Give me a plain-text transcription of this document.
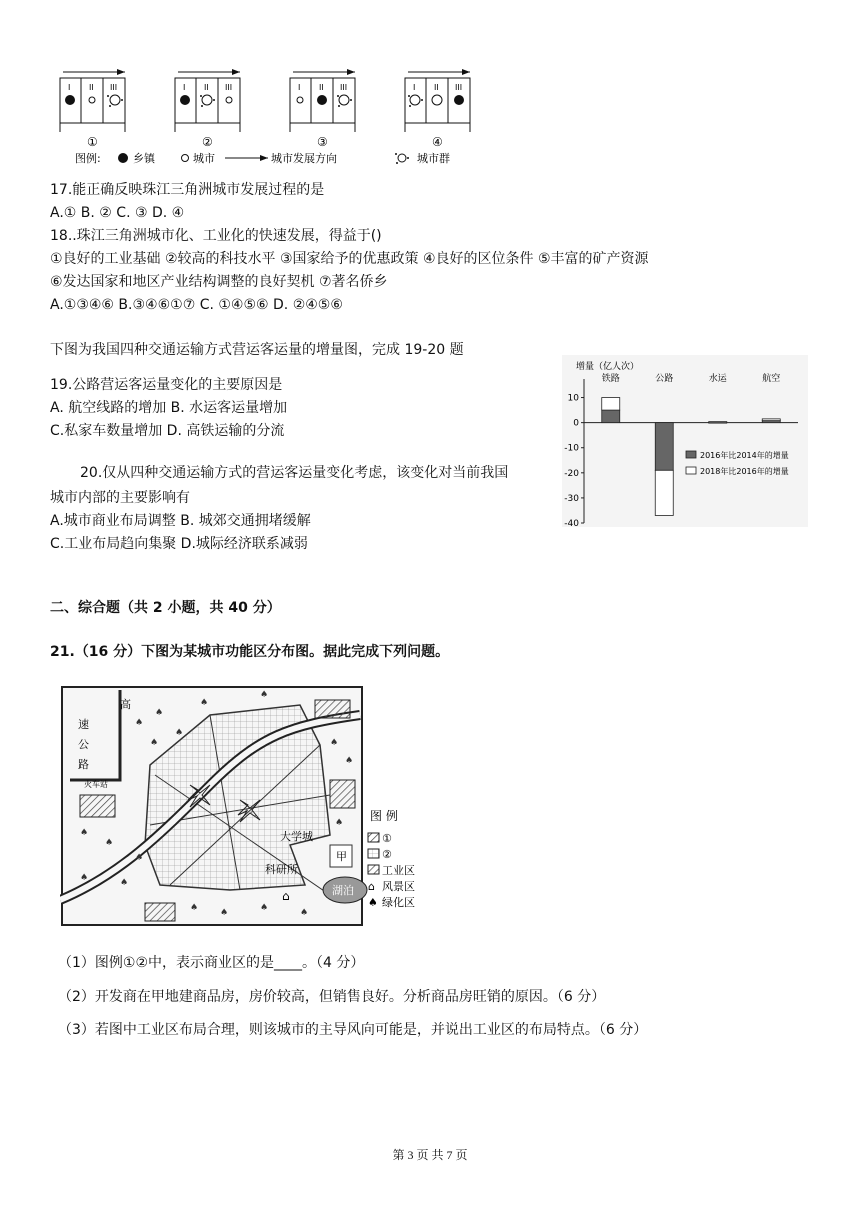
I II III
①
I II III
②
I II III
③
I II III
④
图例:	乡镇	城市	城市发展方向	城市群
17.能正确反映珠江三角洲城市发展过程的是
A.① B. ② C. ③ D. ④
18..珠江三角洲城市化、工业化的快速发展，得益于()
①良好的工业基础 ②较高的科技水平 ③国家给予的优惠政策 ④良好的区位条件 ⑤丰富的矿产资源
⑥发达国家和地区产业结构调整的良好契机 ⑦著名侨乡
A.①③④⑥ B.③④⑥①⑦ C. ①④⑤⑥ D. ②④⑤⑥
下图为我国四种交通运输方式营运客运量的增量图，完成 19-20 题
19.公路营运客运量变化的主要原因是
A. 航空线路的增加 B. 水运客运量增加
C.私家车数量增加 D. 高铁运输的分流
20.仅从四种交通运输方式的营运客运量变化考虑，该变化对当前我国
城市内部的主要影响有
A.城市商业布局调整 B. 城郊交通拥堵缓解
C.工业布局趋向集聚 D.城际经济联系减弱
增量（亿人次）
10
0
-10
-20
-30
-40
铁路	公路	水运	航空
2016年比2014年的增量
2018年比2016年的增量
二、综合题（共 2 小题，共 40 分）
21.（16 分）下图为某城市功能区分布图。据此完成下列问题。
高
速
公
路
火车站
大学城
甲
科研所
湖泊
⌂
♠
♠
♠
♠
♠
♠	♠
♠
♠
♠
♠
♠
♠	♠
♠ ♠	♠	♠
图 例
①
②
工业区
⌂ 风景区
♠ 绿化区
（1）图例①②中，表示商业区的是____。（4 分）
（2）开发商在甲地建商品房，房价较高，但销售良好。分析商品房旺销的原因。（6 分）
（3）若图中工业区布局合理，则该城市的主导风向可能是，并说出工业区的布局特点。（6 分）
第 3 页 共 7 页
